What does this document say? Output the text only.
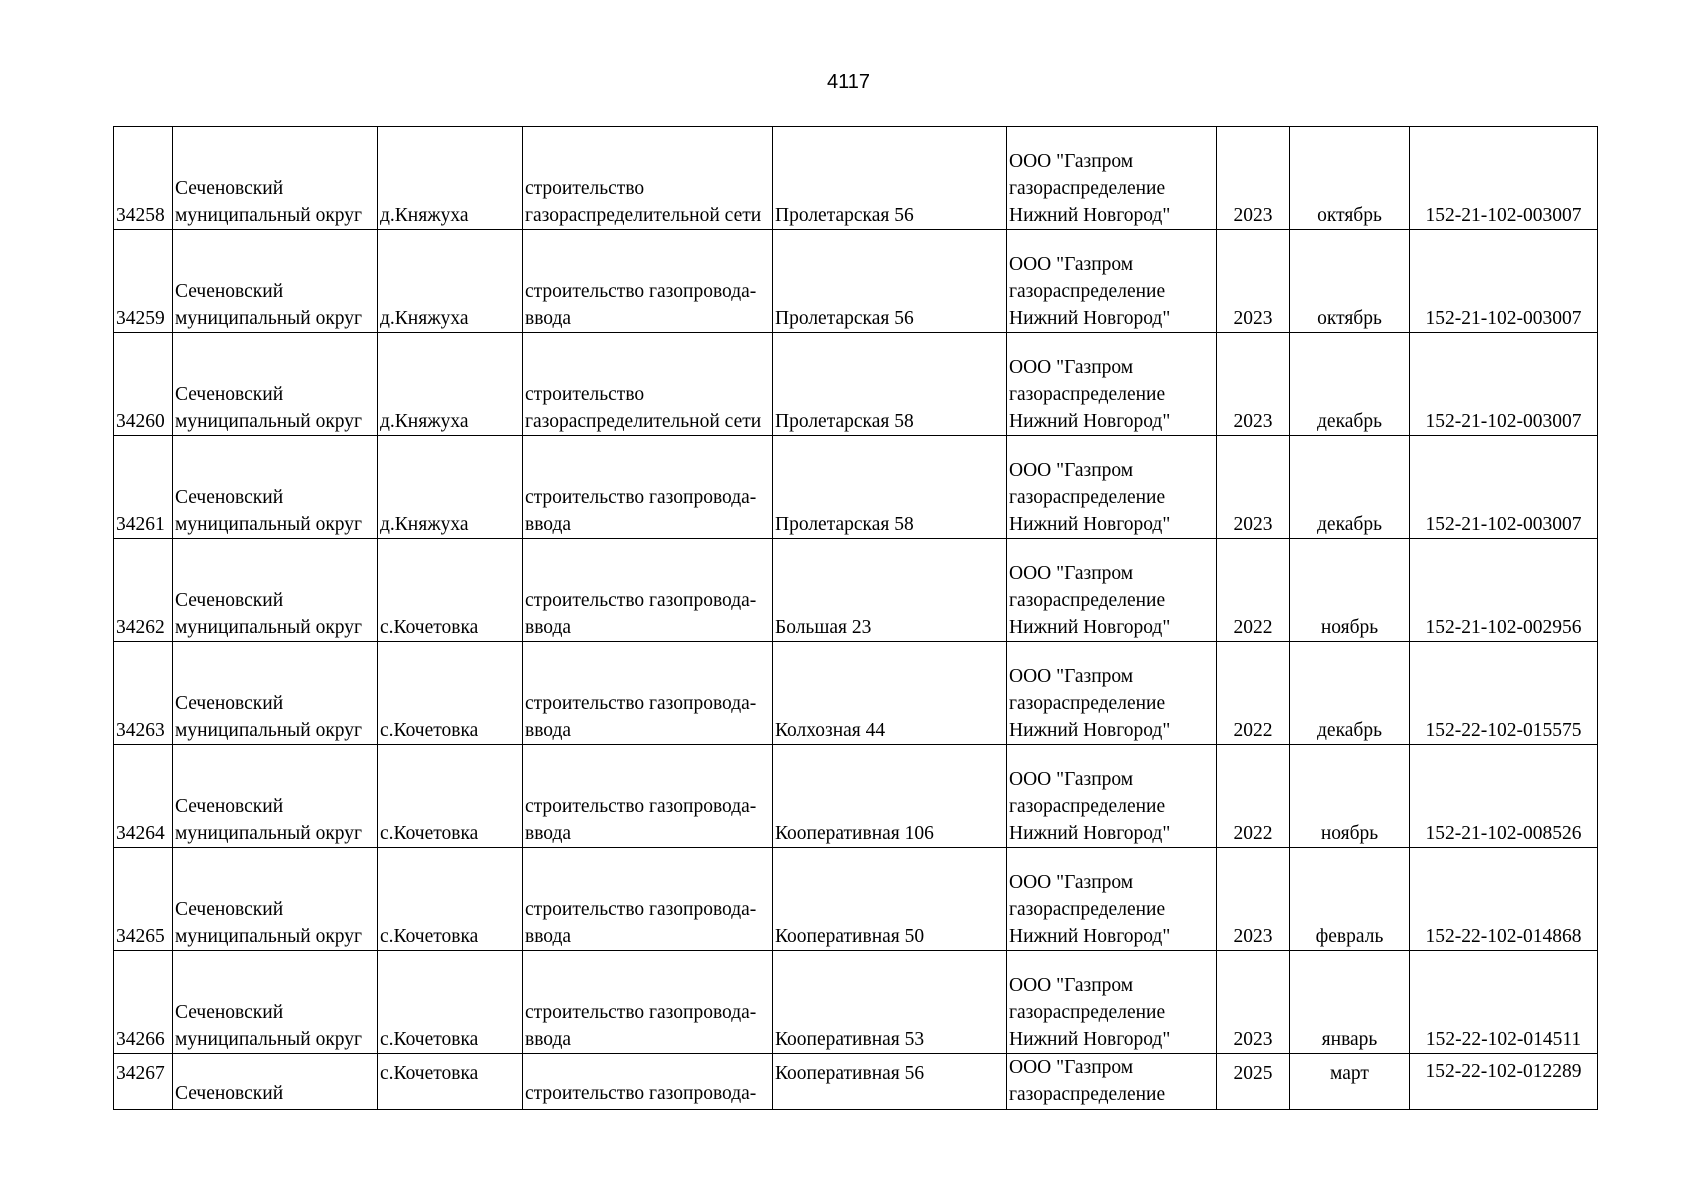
4117
34258	Сеченовский
муниципальный округ	д.Княжуха	строительство
газораспределительной сети	Пролетарская 56	ООО "Газпром
газораспределение
Нижний Новгород"	2023	октябрь	152-21-102-003007
34259	Сеченовский
муниципальный округ	д.Княжуха	строительство газопровода-
ввода	Пролетарская 56	ООО "Газпром
газораспределение
Нижний Новгород"	2023	октябрь	152-21-102-003007
34260	Сеченовский
муниципальный округ	д.Княжуха	строительство
газораспределительной сети	Пролетарская 58	ООО "Газпром
газораспределение
Нижний Новгород"	2023	декабрь	152-21-102-003007
34261	Сеченовский
муниципальный округ	д.Княжуха	строительство газопровода-
ввода	Пролетарская 58	ООО "Газпром
газораспределение
Нижний Новгород"	2023	декабрь	152-21-102-003007
34262	Сеченовский
муниципальный округ	с.Кочетовка	строительство газопровода-
ввода	Большая 23	ООО "Газпром
газораспределение
Нижний Новгород"	2022	ноябрь	152-21-102-002956
34263	Сеченовский
муниципальный округ	с.Кочетовка	строительство газопровода-
ввода	Колхозная 44	ООО "Газпром
газораспределение
Нижний Новгород"	2022	декабрь	152-22-102-015575
34264	Сеченовский
муниципальный округ	с.Кочетовка	строительство газопровода-
ввода	Кооперативная 106	ООО "Газпром
газораспределение
Нижний Новгород"	2022	ноябрь	152-21-102-008526
34265	Сеченовский
муниципальный округ	с.Кочетовка	строительство газопровода-
ввода	Кооперативная 50	ООО "Газпром
газораспределение
Нижний Новгород"	2023	февраль	152-22-102-014868
34266	Сеченовский
муниципальный округ	с.Кочетовка	строительство газопровода-
ввода	Кооперативная 53	ООО "Газпром
газораспределение
Нижний Новгород"	2023	январь	152-22-102-014511
34267	Сеченовский	с.Кочетовка	строительство газопровода-	Кооперативная 56	ООО "Газпром
газораспределение	2025	март	152-22-102-012289
